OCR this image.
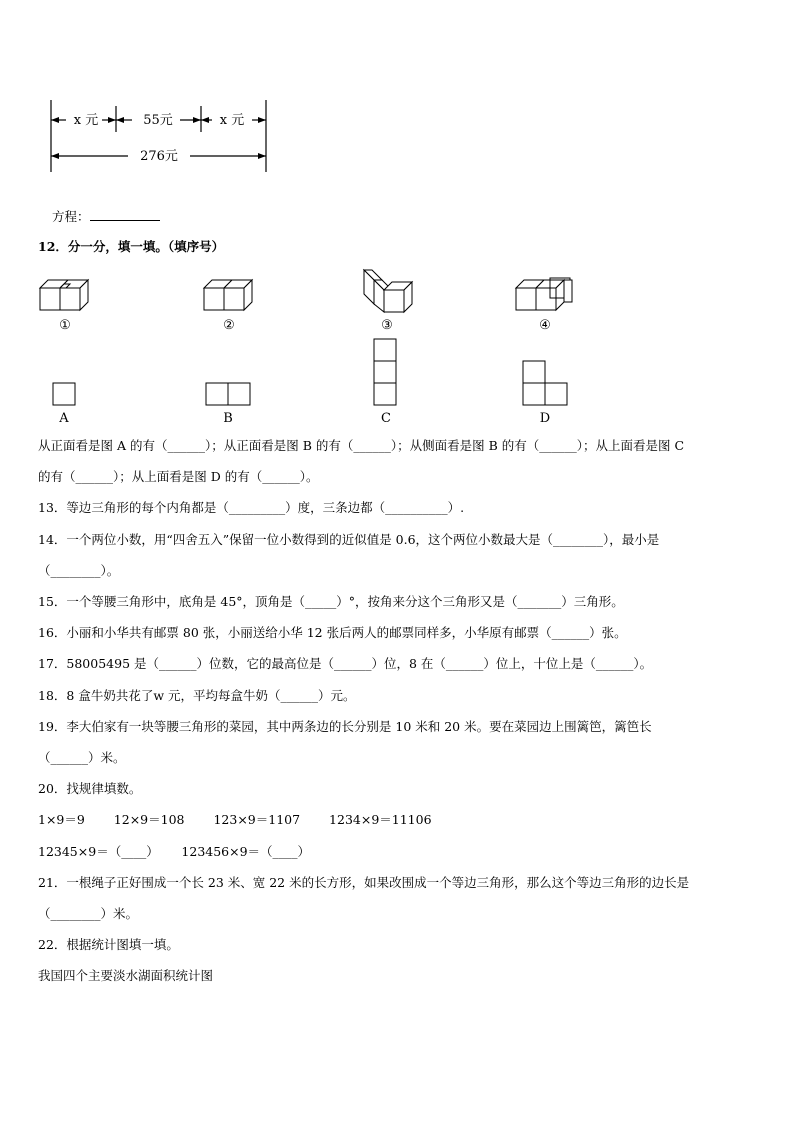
x 元	55元	x 元
276元
方程：
12．分一分，填一填。（填序号）
①	②	③	④
A	B	C	D
从正面看是图 A 的有（______）；从正面看是图 B 的有（______）；从侧面看是图 B 的有（______）；从上面看是图 C
的有（______）；从上面看是图 D 的有（______）。
13．等边三角形的每个内角都是（_________）度，三条边都（__________）.
14．一个两位小数，用“四舍五入”保留一位小数得到的近似值是 0.6，这个两位小数最大是（________），最小是
（________）。
15．一个等腰三角形中，底角是 45°，顶角是（_____）°，按角来分这个三角形又是（_______）三角形。
16．小丽和小华共有邮票 80 张，小丽送给小华 12 张后两人的邮票同样多，小华原有邮票（______）张。
17．58005495 是（______）位数，它的最高位是（______）位，8 在（______）位上，十位上是（______）。
18．8 盒牛奶共花了w 元，平均每盒牛奶（______）元。
19．李大伯家有一块等腰三角形的菜园，其中两条边的长分别是 10 米和 20 米。要在菜园边上围篱笆，篱笆长
（______）米。
20．找规律填数。
1×9＝9　　 12×9＝108　　 123×9＝1107　　 1234×9＝11106
12345×9＝（____）　　 123456×9＝（____）
21．一根绳子正好围成一个长 23 米、宽 22 米的长方形，如果改围成一个等边三角形，那么这个等边三角形的边长是
（________）米。
22．根据统计图填一填。
我国四个主要淡水湖面积统计图
